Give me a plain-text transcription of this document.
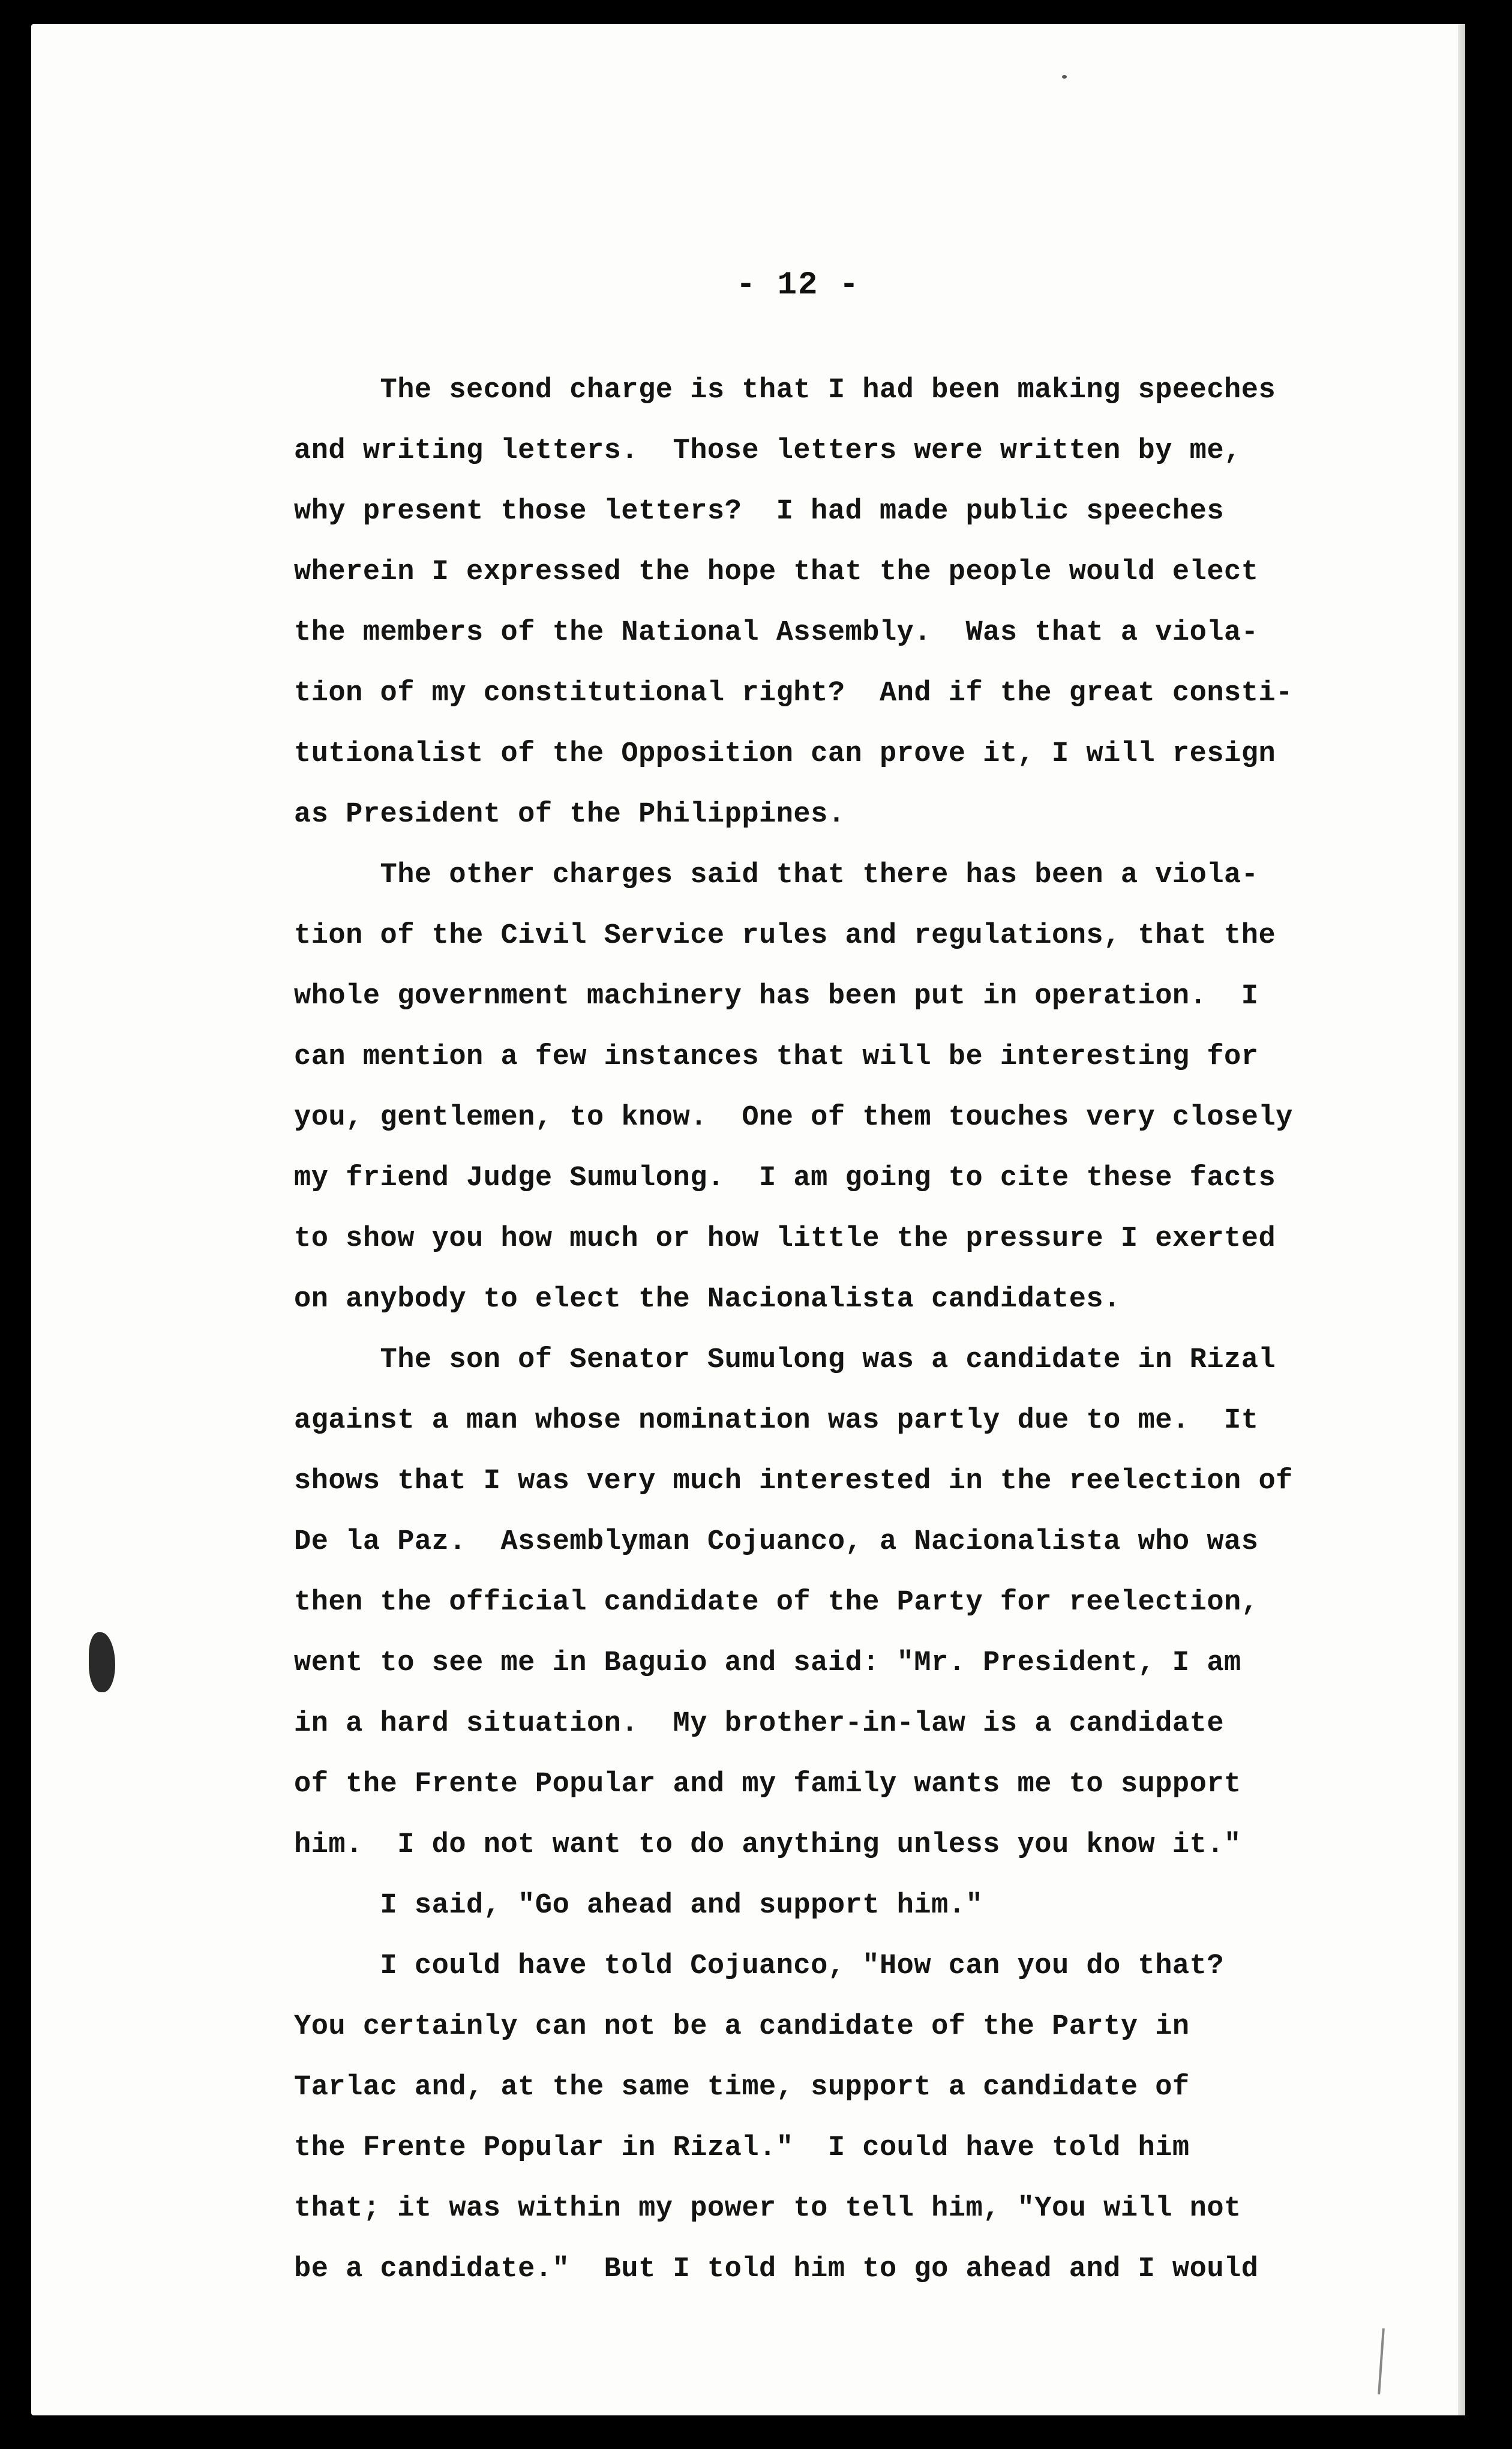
- 12 -
The second charge is that I had been making speeches
and writing letters.  Those letters were written by me,
why present those letters?  I had made public speeches
wherein I expressed the hope that the people would elect
the members of the National Assembly.  Was that a viola-
tion of my constitutional right?  And if the great consti-
tutionalist of the Opposition can prove it, I will resign
as President of the Philippines.
The other charges said that there has been a viola-
tion of the Civil Service rules and regulations, that the
whole government machinery has been put in operation.  I
can mention a few instances that will be interesting for
you, gentlemen, to know.  One of them touches very closely
my friend Judge Sumulong.  I am going to cite these facts
to show you how much or how little the pressure I exerted
on anybody to elect the Nacionalista candidates.
The son of Senator Sumulong was a candidate in Rizal
against a man whose nomination was partly due to me.  It
shows that I was very much interested in the reelection of
De la Paz.  Assemblyman Cojuanco, a Nacionalista who was
then the official candidate of the Party for reelection,
went to see me in Baguio and said: "Mr. President, I am
in a hard situation.  My brother-in-law is a candidate
of the Frente Popular and my family wants me to support
him.  I do not want to do anything unless you know it."
I said, "Go ahead and support him."
I could have told Cojuanco, "How can you do that?
You certainly can not be a candidate of the Party in
Tarlac and, at the same time, support a candidate of
the Frente Popular in Rizal."  I could have told him
that; it was within my power to tell him, "You will not
be a candidate."  But I told him to go ahead and I would
